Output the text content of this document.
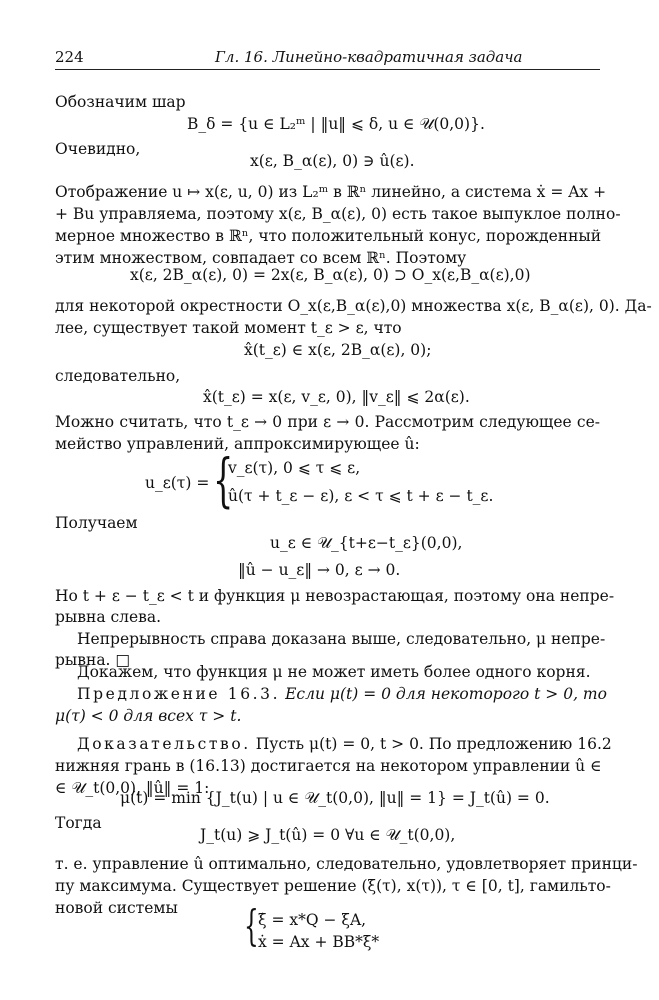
224	Гл. 16. Линейно-квадратичная задача
Обозначим шар
B_δ = {u ∈ L₂ᵐ | ‖u‖ ⩽ δ, u ∈ 𝒰(0,0)}.
Очевидно,
x(ε, B_α(ε), 0) ∋ û(ε).
Отображение u ↦ x(ε, u, 0) из L₂ᵐ в ℝⁿ линейно, а система ẋ = Ax +
+ Bu управляема, поэтому x(ε, B_α(ε), 0) есть такое выпуклое полно-
мерное множество в ℝⁿ, что положительный конус, порожденный
этим множеством, совпадает со всем ℝⁿ. Поэтому
x(ε, 2B_α(ε), 0) = 2x(ε, B_α(ε), 0) ⊃ O_x(ε,B_α(ε),0)
для некоторой окрестности O_x(ε,B_α(ε),0) множества x(ε, B_α(ε), 0). Да-
лее, существует такой момент t_ε > ε, что
x̂(t_ε) ∈ x(ε, 2B_α(ε), 0);
следовательно,
x̂(t_ε) = x(ε, v_ε, 0), ‖v_ε‖ ⩽ 2α(ε).
Можно считать, что t_ε → 0 при ε → 0. Рассмотрим следующее се-
мейство управлений, аппроксимирующее û:
u_ε(τ) = {
v_ε(τ), 0 ⩽ τ ⩽ ε,
û(τ + t_ε − ε), ε < τ ⩽ t + ε − t_ε.
Получаем
u_ε ∈ 𝒰_{t+ε−t_ε}(0,0),
‖û − u_ε‖ → 0, ε → 0.
Но t + ε − t_ε < t и функция μ невозрастающая, поэтому она непре-
рывна слева.
Непрерывность справа доказана выше, следовательно, μ непре-
рывна. □
Докажем, что функция μ не может иметь более одного корня.
Предложение 16.3. Если μ(t) = 0 для некоторого t > 0, то
μ(τ) < 0 для всех τ > t.
Доказательство. Пусть μ(t) = 0, t > 0. По предложению 16.2
нижняя грань в (16.13) достигается на некотором управлении û ∈
∈ 𝒰_t(0,0), ‖û‖ = 1:
μ(t) = min {J_t(u) | u ∈ 𝒰_t(0,0), ‖u‖ = 1} = J_t(û) = 0.
Тогда
J_t(u) ⩾ J_t(û) = 0 ∀u ∈ 𝒰_t(0,0),
т. е. управление û оптимально, следовательно, удовлетворяет принци-
пу максимума. Существует решение (ξ(τ), x(τ)), τ ∈ [0, t], гамильто-
новой системы	{ ξ̇ = x*Q − ξA,
ẋ = Ax + BB*ξ*
